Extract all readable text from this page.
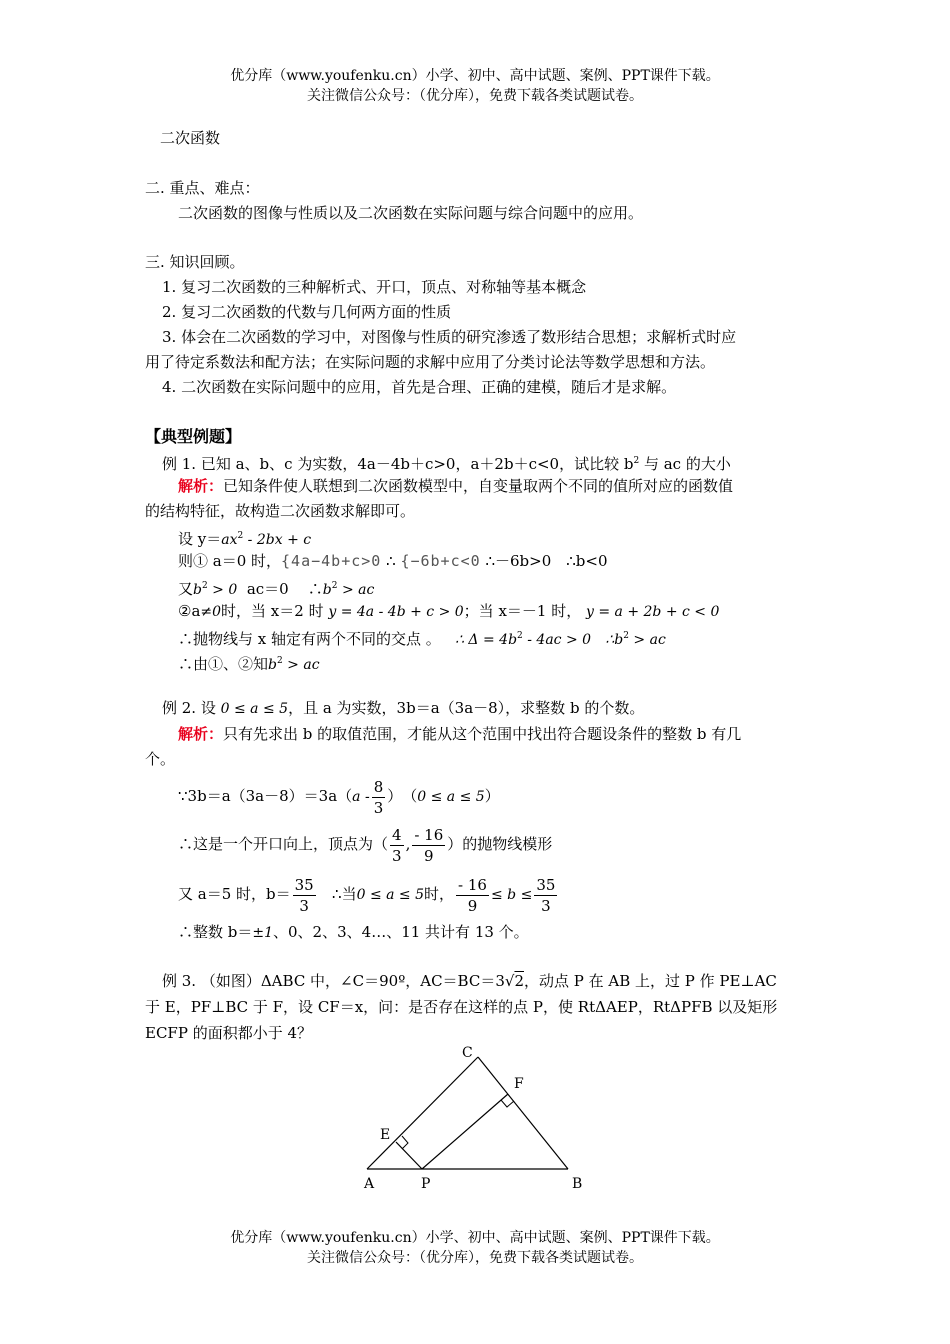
优分库（www.youfenku.cn）小学、初中、高中试题、案例、PPT课件下载。
关注微信公众号：（优分库），免费下载各类试题试卷。
二次函数
二. 重点、难点：
二次函数的图像与性质以及二次函数在实际问题与综合问题中的应用。
三. 知识回顾。
1. 复习二次函数的三种解析式、开口，顶点、对称轴等基本概念
2. 复习二次函数的代数与几何两方面的性质
3. 体会在二次函数的学习中，对图像与性质的研究渗透了数形结合思想；求解析式时应
用了待定系数法和配方法；在实际问题的求解中应用了分类讨论法等数学思想和方法。
4. 二次函数在实际问题中的应用，首先是合理、正确的建模，随后才是求解。
【典型例题】
例 1. 已知 a、b、c 为实数，4a－4b＋c>0，a＋2b＋c<0，试比较 $b^2$ 与 ac 的大小
解析：已知条件使人联想到二次函数模型中，自变量取两个不同的值所对应的函数值
的结构特征，故构造二次函数求解即可。
设 $y=ax^2 - 2bx + c$
则① a＝0 时，{4a−4b+c>0 ∴ {−6b+c<0 ∴－6b>0　∴b<0
又$b^2 > 0$ ac＝0 $\therefore b^2$ > ac
②a≠0时，当 x＝2 时 y = 4a - 4b + c > 0；当 x＝－1 时， y = a + 2b + c < 0
∴抛物线与 x 轴定有两个不同的交点 。 ∴ $\Delta = 4b^2 - 4ac > 0$ $\therefore b^2$ > ac
∴由①、②知$b^2$ > ac
例 2. 设 0 ≤ a ≤ 5，且 a 为实数，3b＝a（3a－8），求整数 b 的个数。
解析：只有先求出 b 的取值范围，才能从这个范围中找出符合题设条件的整数 b 有几
个。
∵3b＝a（3a－8）＝3a（a - $\frac{8}{3}$ ）　（0 ≤ a ≤ 5）
∴这是一个开口向上，顶点为（ $\frac{4}{3}$ , $\frac{- 16}{9}$ ）的抛物线模形
又 a＝5 时，$b= \frac{35}{3}$ ∴当0 ≤ a ≤ 5时， $\frac{- 16}{9} \le b \le \frac{35}{3}$
∴整数 b＝±1、0、2、3、4…、11 共计有 13 个。
例 3. （如图）ΔABC 中，∠C＝90º，AC＝BC＝3√2，动点 P 在 AB 上，过 P 作 PE⊥AC
于 E，PF⊥BC 于 F，设 CF＝x，问：是否存在这样的点 P，使 RtΔAEP，RtΔPFB 以及矩形
ECFP 的面积都小于 4？
C
F
E
A	P	B
优分库（www.youfenku.cn）小学、初中、高中试题、案例、PPT课件下载。
关注微信公众号：（优分库），免费下载各类试题试卷。
